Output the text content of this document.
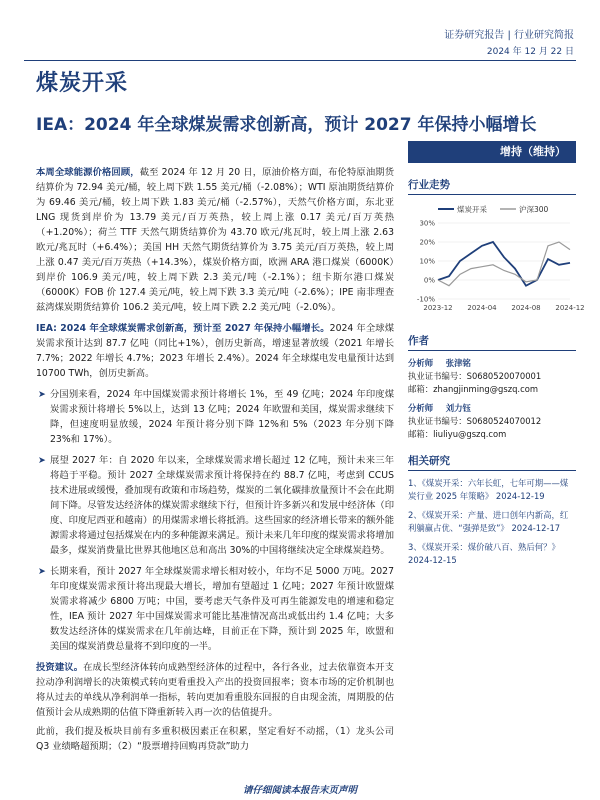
证券研究报告 | 行业研究简报
2024 年 12 月 22 日
煤炭开采
IEA：2024 年全球煤炭需求创新高，预计 2027 年保持小幅增长

本周全球能源价格回顾，截至 2024 年 12 月 20 日，原油价格方面，布伦特原油期货结算价为 72.94 美元/桶，较上周下跌 1.55 美元/桶（-2.08%）；WTI 原油期货结算价为 69.46 美元/桶，较上周下跌 1.83 美元/桶（-2.57%），天然气价格方面，东北亚 LNG 现货到岸价为 13.79 美元/百万英热，较上周上涨 0.17 美元/百万英热（+1.20%）；荷兰 TTF 天然气期货结算价为 43.70 欧元/兆瓦时，较上周上涨 2.63 欧元/兆瓦时（+6.4%）；美国 HH 天然气期货结算价为 3.75 美元/百万英热，较上周上涨 0.47 美元/百万英热（+14.3%），煤炭价格方面，欧洲 ARA 港口煤炭（6000K）到岸价 106.9 美元/吨，较上周下跌 2.3 美元/吨（-2.1%）；纽卡斯尔港口煤炭（6000K）FOB 价 127.4 美元/吨，较上周下跌 3.3 美元/吨（-2.6%）；IPE 南非理查兹湾煤炭期货结算价 106.2 美元/吨，较上周下跌 2.2 美元/吨（-2.0%）。

IEA: 2024 年全球煤炭需求创新高，预计至 2027 年保持小幅增长。2024 年全球煤炭需求预计达到 87.7 亿吨（同比+1%），创历史新高，增速显著放缓（2021 年增长 7.7%；2022 年增长 4.7%；2023 年增长 2.4%）。2024 年全球煤电发电量预计达到 10700 TWh，创历史新高。

➤ 分国别来看，2024 年中国煤炭需求预计将增长 1%，至 49 亿吨；2024 年印度煤炭需求预计将增长 5%以上，达到 13 亿吨；2024 年欧盟和美国，煤炭需求继续下降，但速度明显放缓，2024 年预计将分别下降 12%和 5%（2023 年分别下降 23%和 17%）。
➤ 展望 2027 年：自 2020 年以来，全球煤炭需求增长超过 12 亿吨，预计未来三年将趋于平稳。预计 2027 全球煤炭需求预计将保持在约 88.7 亿吨，考虑到 CCUS 技术进展或缓慢，叠加现有政策和市场趋势，煤炭的二氧化碳排放量预计不会在此期间下降。尽管发达经济体的煤炭需求继续下行，但预计许多新兴和发展中经济体（印度、印度尼西亚和越南）的用煤需求增长将抵消。这些国家的经济增长带来的额外能源需求将通过包括煤炭在内的多种能源来满足。预计未来几年印度的煤炭需求将增加最多，煤炭消费量比世界其他地区总和高出 30%的中国将继续决定全球煤炭趋势。
➤ 长期来看，预计 2027 年全球煤炭需求增长相对较小，年均不足 5000 万吨。2027 年印度煤炭需求预计将出现最大增长，增加有望超过 1 亿吨；2027 年预计欧盟煤炭需求将减少 6800 万吨；中国，要考虑天气条件及可再生能源发电的增速和稳定性，IEA 预计 2027 年中国煤炭需求可能比基准情况高出或低出约 1.4 亿吨；大多数发达经济体的煤炭需求在几年前达峰，目前正在下降，预计到 2025 年，欧盟和美国的煤炭消费总量将不到印度的一半。

投资建议。在成长型经济体转向成熟型经济体的过程中，各行各业，过去依靠资本开支拉动净利润增长的决策模式转向更看重投入产出的投资回报率；资本市场的定价机制也将从过去的单线从净利润单一指标，转向更加看重股东回报的自由现金流，周期股的估值预计会从成熟期的估值下降重新转入再一次的估值提升。

此前，我们提及板块目前有多重积极因素正在积累，坚定看好不动摇，（1）龙头公司 Q3 业绩略超预期；（2）“股票增持回购再贷款”助力

增持（维持）
行业走势
30%
20%
10%
0%
-10%
2023-12 2024-04 2024-08 2024-12
煤炭开采	沪深300
作者
分析师 张津铭
执业证书编号：S0680520070001
邮箱：zhangjinming@gszq.com
分析师 刘力钰
执业证书编号：S0680524070012
邮箱：liuliyu@gszq.com
相关研究
1、《煤炭开采：六年长虹，七年可期——煤炭行业 2025 年策略》 2024-12-19
2、《煤炭开采：产量、进口创年内新高，红利躺赢占优、“强弹是致”》 2024-12-17
3、《煤炭开采：煤价破八百、熟后何？》 2024-12-15
请仔细阅读本报告末页声明
